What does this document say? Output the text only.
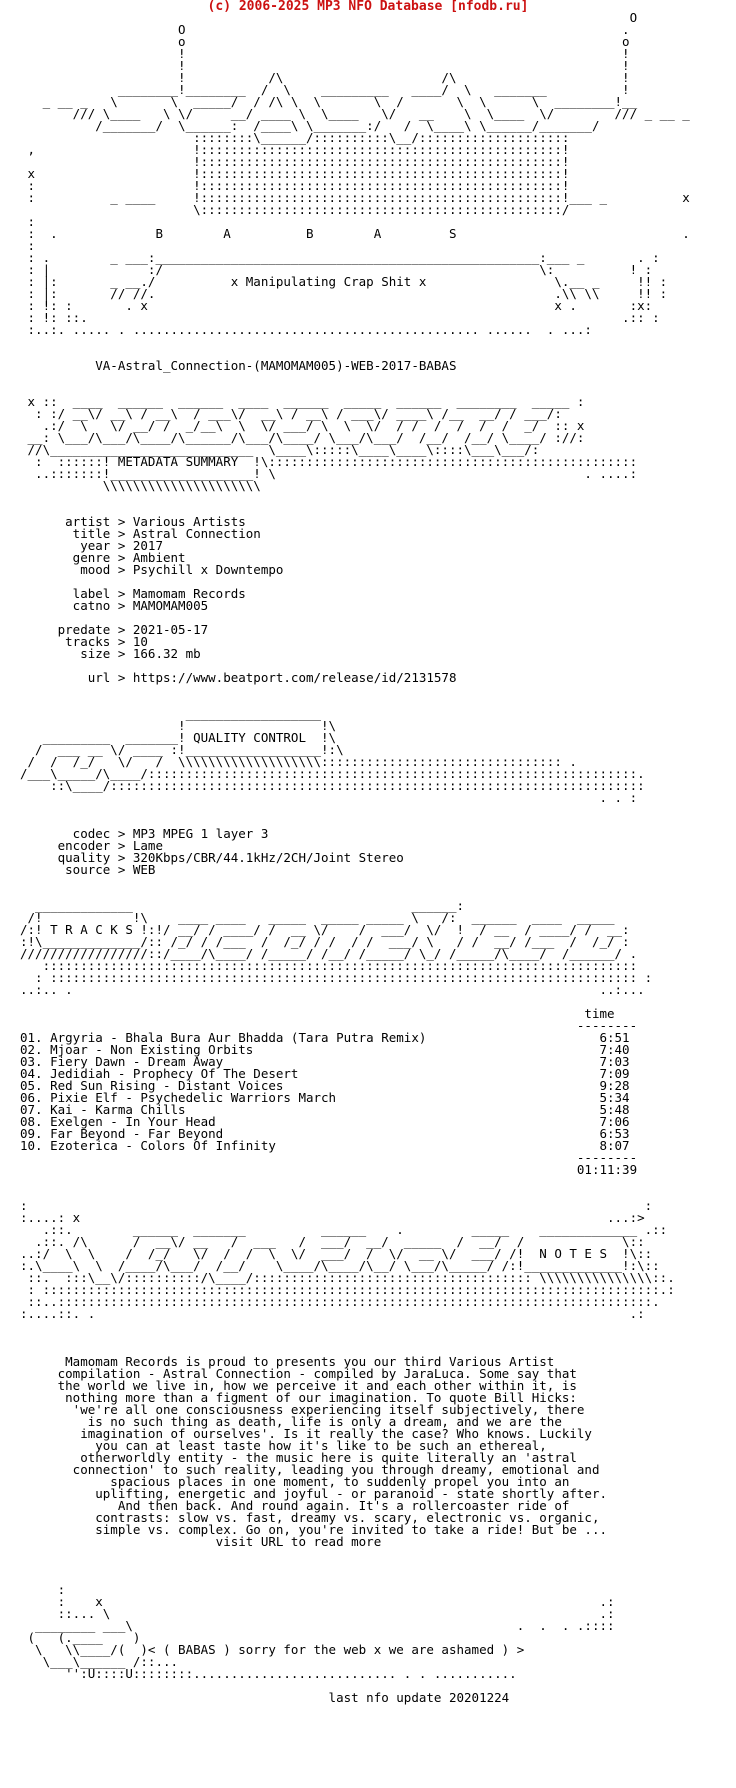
(c) 2006-2025 MP3 NFO Database [nfodb.ru]
O
O                                                          .
o                                                          o
!                                                          !
!                                                          !
!           /\                     /\                      !
________!________  /  \    _________   ____/  \   _______          !
_ __ _   \       \  _____/  / /\ \  \       \  /       \  \      \  ________!__
/// \____   \ \/     __/ ____ \  \____   \/   __    \  \____  \/        /// _ __ _
/_______/  \______:  /____\ \_______:/   /  \____\ \______/_______/
::::::::\______/::::::::::\__/::::::::::::::::::::
,                     !::::::::::::::::::::::::::::::::::::::::::::::::!
!::::::::::::::::::::::::::::::::::::::::::::::::!
x                     !::::::::::::::::::::::::::::::::::::::::::::::::!
:                     !::::::::::::::::::::::::::::::::::::::::::::::::!
:          _ ____     !::::::::::::::::::::::::::::::::::::::::::::::::!___ _          x
\::::::::::::::::::::::::::::::::::::::::::::::::/
:
:  .             B        A          B        A         S                              .
:
: .        _ ___:___________________________________________________:___ _       . :
: |             :/                                                  \:          ! :
: |:       _ __./          x Manipulating Crap Shit x                 \.__ _     !! :
: |:       // //.                                                     .\\ \\     !! :
: !: :       . x                                                      x .       :x:
: !: ::.                                                                       .:: :
:..:. ..... . .............................................. ......  . ...:

VA-Astral_Connection-(MAMOMAM005)-WEB-2017-BABAS

x ::  ____  ______  ______  ____  ______  _____  ______  ________  _____ :
: :/ __\/ __\ / __\  / ___\/  __\ / __\ / ___\/ ____\ /__  __/ / ___/:
.:/  \   \/ __/ /  _/__\  \  \/ ___/ \  \  \/  / /  /  /  /  /  _/  :: x
__: \___/\___/\____/\______/\___/\____/ \___/\___/  /__/  /__/ \____/ ://:
//\___________________________  \____\:::::\____\____\::::\___\___/:
:  ::::::! METADATA SUMMARY  !\:::::::::::::::::::::::::::::::::::::::::::::::::
..:::::::!___________________! \                                         . ....:
\\\\\\\\\\\\\\\\\\\\\

artist > Various Artists
title > Astral Connection
year > 2017
genre > Ambient
mood > Psychill x Downtempo

label > Mamomam Records
catno > MAMOMAM005

predate > 2021-05-17
tracks > 10
size > 166.32 mb

url > https://www.beatport.com/release/id/2131578

__________________
!                  !\
_________  _______! QUALITY CONTROL  !\
/  ___ __ \/ ____ :!__________________!:\
/  /  /_/   \/   /  \\\\\\\\\\\\\\\\\\\:::::::::::::::::::::::::::::::: .
/___\_____/\____/:::::::::::::::::::::::::::::::::::::::::::::::::::::::::::::::::.
::\____/:::::::::::::::::::::::::::::::::::::::::::::::::::::::::::::::::::::::
. . :

codec > MP3 MPEG 1 layer 3
encoder > Lame
quality > 320Kbps/CBR/44.1kHz/2CH/Joint Stereo
source > WEB

_____________                                     ______:
/!            !\    ____ ____   _____  _____ _____ \   /:  ______  ____  _____
/:! T R A C K S !:!/ __/ / ____/ /  __ \/    /  ___/  \/  !  / __  / ____/ /  __:
:!\_____________/:: /_/ / /___  /  /_/ / /  / /  ___/ \   / /  __/ /___  /  /_/ :
/////////////////::/____/\____/ /_____/ /__/ /_____/ \_/ /_____/\____/  /______/ .
:::::::::::::::::::::::::::::::::::::::::::::::::::::::::::::::::::::::::::::::
: :::::::::::::::::::::::::::::::::::::::::::::::::::::::::::::::::::::::::::::: :
..:.. .                                                                      ..:...

time
--------
01. Argyria - Bhala Bura Aur Bhadda (Tara Putra Remix)                       6:51
02. Mjoar - Non Existing Orbits                                              7:40
03. Fiery Dawn - Dream Away                                                  7:03
04. Jedidiah - Prophecy Of The Desert                                        7:09
05. Red Sun Rising - Distant Voices                                          9:28
06. Pixie Elf - Psychedelic Warriors March                                   5:34
07. Kai - Karma Chills                                                       5:48
08. Exelgen - In Your Head                                                   7:06
09. Far Beyond - Far Beyond                                                  6:53
10. Ezoterica - Colors Of Infinity                                           8:07
--------
01:11:39

:                                                                                  :
:....: x                                                                      ...:>
.::.        ______  _______          ______    .         _____    _____________ .::
.::. /\      /  __\/ __   /  ___   /  ___/  __/  _____  /  __/  /             \::
..:/  \  \    /  /_/   \/  /  /  \  \/  ___/  /  \/  __ \/  ___/ /!  N O T E S  !\::
:.\____\  \  /____/\___/  /__/    \____/\____/\__/ \___/\_____/ /:!_____________!:\::
::.  :::\__\/::::::::::/\____/::::::::::::::::::::::::::::::::::::: \\\\\\\\\\\\\\\::.
: ::::::::::::::::::::::::::::::::::::::::::::::::::::::::::::::::::::::::::::::::::.:
::..:::::::::::::::::::::::::::::::::::::::::::::::::::::::::::::::::::::::::::::::.
:....::. .                                                                       .:

Mamomam Records is proud to presents you our third Various Artist
compilation - Astral Connection - compiled by JaraLuca. Some say that
the world we live in, how we perceive it and each other within it, is
nothing more than a figment of our imagination. To quote Bill Hicks:
'we're all one consciousness experiencing itself subjectively, there
is no such thing as death, life is only a dream, and we are the
imagination of ourselves'. Is it really the case? Who knows. Luckily
you can at least taste how it's like to be such an ethereal,
otherworldly entity - the music here is quite literally an 'astral
connection' to such reality, leading you through dreamy, emotional and
spacious places in one moment, to suddenly propel you into an
uplifting, energetic and joyful - or paranoid - state shortly after.
And then back. And round again. It's a rollercoaster ride of
contrasts: slow vs. fast, dreamy vs. scary, electronic vs. organic,
simple vs. complex. Go on, you're invited to take a ride! But be ...
visit URL to read more

:
:    x                                                                  .:
::... \                                                                 .:
________ ___\                                                   .  .  . .::::
(   (.____    )
\   \\____/(  )< ( BABAS ) sorry for the web x we are ashamed ) >
\___\______ /::...
'':U::::U::::::::........................... . . ...........

last nfo update 20201224
